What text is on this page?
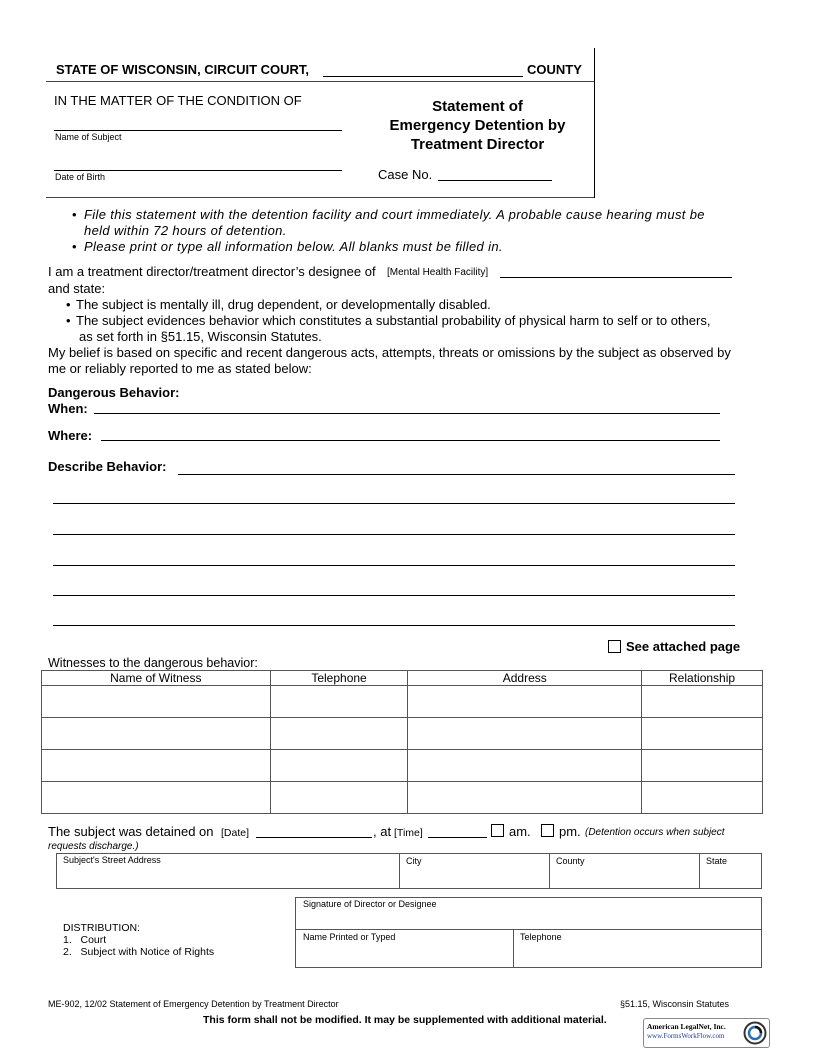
STATE OF WISCONSIN, CIRCUIT COURT,	COUNTY
IN THE MATTER OF THE CONDITION OF
Name of Subject
Date of Birth
Statement of
Emergency Detention by
Treatment Director
Case No.
• File this statement with the detention facility and court immediately. A probable cause hearing must be
held within 72 hours of detention.
• Please print or type all information below. All blanks must be filled in.
I am a treatment director/treatment director’s designee of [Mental Health Facility]
and state:
• The subject is mentally ill, drug dependent, or developmentally disabled.
• The subject evidences behavior which constitutes a substantial probability of physical harm to self or to others,
as set forth in §51.15, Wisconsin Statutes.
My belief is based on specific and recent dangerous acts, attempts, threats or omissions by the subject as observed by
me or reliably reported to me as stated below:
Dangerous Behavior:
When:
Where:
Describe Behavior:
See attached page
Witnesses to the dangerous behavior:
Name of Witness	Telephone	Address	Relationship

The subject was detained on [Date]	, at [Time]	am. pm. (Detention occurs when subject
requests discharge.)
Subject's Street Address	City	County	State
DISTRIBUTION:
1.   Court
2.   Subject with Notice of Rights
Signature of Director or Designee
Name Printed or Typed	Telephone
ME-902, 12/02 Statement of Emergency Detention by Treatment Director	§51.15, Wisconsin Statutes
This form shall not be modified. It may be supplemented with additional material.
American LegalNet, Inc.
www.FormsWorkFlow.com
